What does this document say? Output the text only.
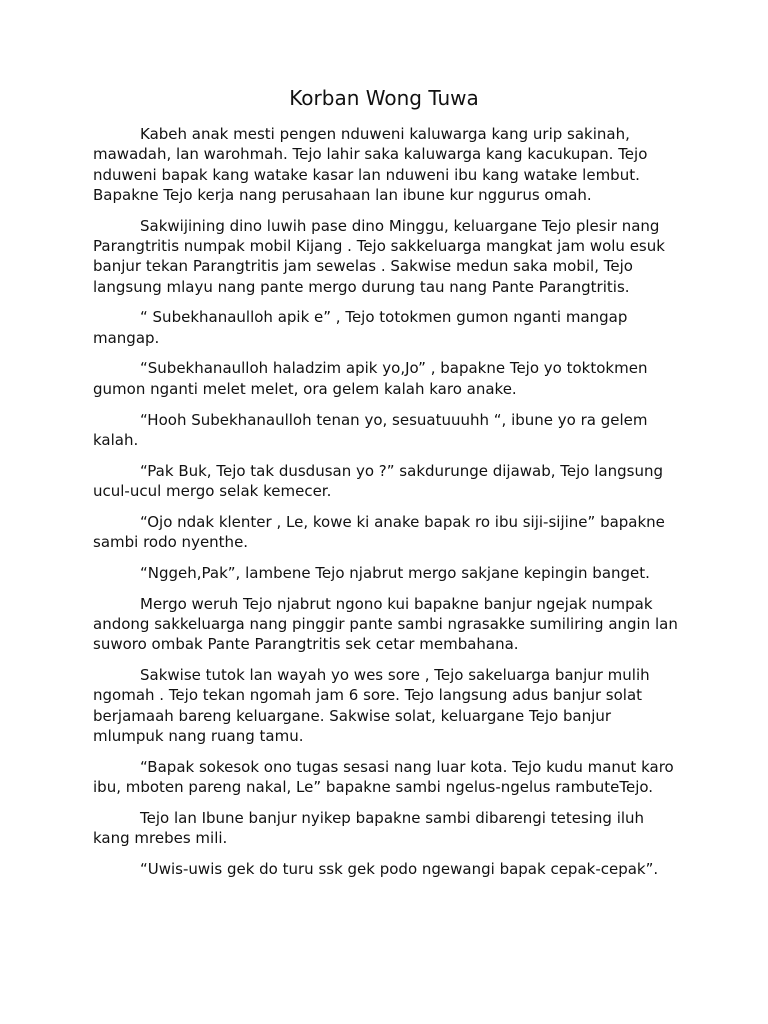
Korban Wong Tuwa

Kabeh anak mesti pengen nduweni kaluwarga kang urip sakinah, mawadah, lan warohmah. Tejo lahir saka kaluwarga kang kacukupan. Tejo nduweni bapak kang watake kasar lan nduweni ibu kang watake lembut. Bapakne Tejo kerja nang perusahaan lan ibune kur nggurus omah.

Sakwijining dino luwih pase dino Minggu, keluargane Tejo plesir nang Parangtritis numpak mobil Kijang . Tejo sakkeluarga mangkat jam wolu esuk banjur tekan Parangtritis jam sewelas . Sakwise medun saka mobil, Tejo langsung mlayu nang pante mergo durung tau nang Pante Parangtritis.

“ Subekhanaulloh apik e” , Tejo totokmen gumon nganti mangap mangap.

“Subekhanaulloh haladzim apik yo,Jo” , bapakne Tejo yo toktokmen gumon nganti melet melet, ora gelem kalah karo anake.

“Hooh Subekhanaulloh tenan yo, sesuatuuuhh “, ibune yo ra gelem kalah.

“Pak Buk, Tejo tak dusdusan yo ?” sakdurunge dijawab, Tejo langsung ucul-ucul mergo selak kemecer.

“Ojo ndak klenter , Le, kowe ki anake bapak ro ibu siji-sijine” bapakne sambi rodo nyenthe.

“Nggeh,Pak”, lambene Tejo njabrut mergo sakjane kepingin banget.

Mergo weruh Tejo njabrut ngono kui bapakne banjur ngejak numpak andong sakkeluarga nang pinggir pante sambi ngrasakke sumiliring angin lan suworo ombak Pante Parangtritis sek cetar membahana.

Sakwise tutok lan wayah yo wes sore , Tejo sakeluarga banjur mulih ngomah . Tejo tekan ngomah jam 6 sore. Tejo langsung adus banjur solat berjamaah bareng keluargane. Sakwise solat, keluargane Tejo banjur mlumpuk nang ruang tamu.

“Bapak sokesok ono tugas sesasi nang luar kota. Tejo kudu manut karo ibu, mboten pareng nakal, Le” bapakne sambi ngelus-ngelus rambuteTejo.

Tejo lan Ibune banjur nyikep bapakne sambi dibarengi tetesing iluh kang mrebes mili.

“Uwis-uwis gek do turu ssk gek podo ngewangi bapak cepak-cepak”.
